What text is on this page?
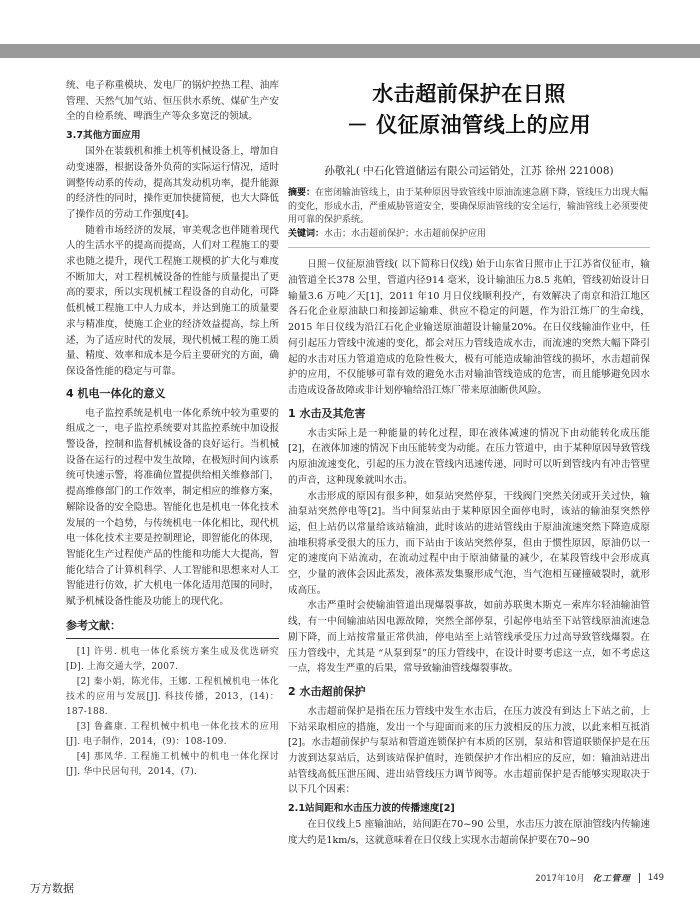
统、电子称重模块、发电厂的锅炉控热工程、油库管理、天然气加气站、恒压供水系统、煤矿生产安全的自检系统、啤酒生产等众多宽泛的领域。

3.7其他方面应用

国外在装载机和推土机等机械设备上，增加自动变速器，根据设备外负荷的实际运行情况，适时调整传动系的传动，提高其发动机功率，提升能源的经济性的同时，操作更加快捷简便，也大大降低了操作员的劳动工作强度[4]。

随着市场经济的发展，审美观念也伴随着现代人的生活水平的提高而提高，人们对工程施工的要求也随之提升，现代工程施工规模的扩大化与难度不断加大，对工程机械设备的性能与质量提出了更高的要求，所以实现机械工程设备的自动化，可降低机械工程施工中人力成本，并达到施工的质量要求与精准度，使施工企业的经济效益提高，综上所述，为了适应时代的发展，现代机械工程的施工质量、精度、效率和成本是今后主要研究的方面，确保设备性能的稳定与可靠。

4 机电一体化的意义

电子监控系统是机电一体化系统中较为重要的组成之一，电子监控系统要对其监控系统中加设报警设备，控制和监督机械设备的良好运行。当机械设备在运行的过程中发生故障，在极短时间内该系统可快速示警，将准确位置提供给相关维修部门，提高维修部门的工作效率，制定相应的维修方案，解除设备的安全隐患。智能化也是机电一体化技术发展的一个趋势，与传统机电一体化相比，现代机电一体化技术主要是控制理论，即智能化的体现，智能化生产过程使产品的性能和功能大大提高，智能化结合了计算机科学、人工智能和思想来对人工智能进行仿效，扩大机电一体化适用范围的同时，赋予机械设备性能及功能上的现代化。

参考文献：

[1] 许男. 机电一体化系统方案生成及优选研究[D]. 上海交通大学，2007.

[2] 秦小娟，陈光伟，王娜. 工程机械机电一体化技术的应用与发展[J]. 科技传播，2013，(14)：187-188.

[3] 鲁鑫康. 工程机械中机电一体化技术的应用[J]. 电子制作，2014，(9)：108-109.

[4] 那凤华. 工程施工机械中的机电一体化探讨[J]. 华中民居旬刊，2014，(7).

水击超前保护在日照
－ 仪征原油管线上的应用
孙敬礼( 中石化管道储运有限公司运销处，江苏 徐州 221008)
摘要：在密闭输油管线上，由于某种原因导致管线中原油流速急剧下降，管线压力出现大幅的变化，形成水击，严重威胁管道安全，要确保原油管线的安全运行，输油管线上必须要使用可靠的保护系统。
关键词：水击；水击超前保护；水击超前保护应用

日照－仪征原油管线( 以下简称日仪线) 始于山东省日照市止于江苏省仪征市，输油管道全长378 公里，管道内径914 毫米，设计输油压力8.5 兆帕，管线初始设计日输量3.6 万吨／天[1]，2011 年10 月日仪线顺利投产，有效解决了南京和沿江地区各石化企业原油缺口和接卸运输难、供应不稳定的问题，作为沿江炼厂的生命线，2015 年日仪线为沿江石化企业输送原油超设计输量20%。在日仪线输油作业中，任何引起压力管线中流速的变化，都会对压力管线造成水击，而流速的突然大幅下降引起的水击对压力管道造成的危险性极大，极有可能造成输油管线的损坏，水击超前保护的应用，不仅能够可靠有效的避免水击对输油管线造成的危害，而且能够避免因水击造成设备故障或非计划停输给沿江炼厂带来原油断供风险。

1 水击及其危害

水击实际上是一种能量的转化过程，即在液体减速的情况下由动能转化成压能[2]，在液体加速的情况下由压能转变为动能。在压力管道中，由于某种原因导致管线内原油流速变化，引起的压力波在管线内迅速传递，同时可以听到管线内有冲击管壁的声音，这种现象就叫水击。

水击形成的原因有很多种，如泵站突然停泵，干线阀门突然关闭或开关过快，输油泵站突然停电等[2]。当中间泵站由于某种原因全面停电时，该站的输油泵突然停运，但上站仍以常量给该站输油，此时该站的进站管线由于原油流速突然下降造成原油堆积将承受很大的压力，而下站由于该站突然停泵，但由于惯性原因，原油仍以一定的速度向下站流动，在流动过程中由于原油储量的减少，在某段管线中会形成真空，少量的液体会因此蒸发，液体蒸发集聚形成气泡，当气泡相互碰撞破裂时，就形成高压。

水击严重时会使输油管道出现爆裂事故，如前苏联奥木斯克－索库尔轻油输油管线，有一中间输油站因电源故障，突然全部停泵，引起停电站至下站管线原油流速急剧下降，而上站按常量正常供油，停电站至上站管线承受压力过高导致管线爆裂。在压力管线中，尤其是 “从泵到泵”的压力管线中，在设计时要考虑这一点，如不考虑这一点，将发生严重的后果，常导致输油管线爆裂事故。

2 水击超前保护

水击超前保护是指在压力管线中发生水击后，在压力波没有到达上下站之前，上下站采取相应的措施，发出一个与迎面而来的压力波相反的压力波，以此来相互抵消[2]。水击超前保护与泵站和管道连锁保护有本质的区别，泵站和管道联锁保护是在压力波到达泵站后，达到该站保护值时，连锁保护才作出相应的反应，如：输油站进出站管线高低压泄压阀、进出站管线压力调节阀等。水击超前保护是否能够实现取决于以下几个因素：

2.1站间距和水击压力波的传播速度[2]

在日仪线上5 座输油站，站间距在70~90 公里，水击压力波在原油管线内传输速度大约是1km/s，这就意味着在日仪线上实现水击超前保护要在70~90

万方数据
2017年10月 化工管理 149
